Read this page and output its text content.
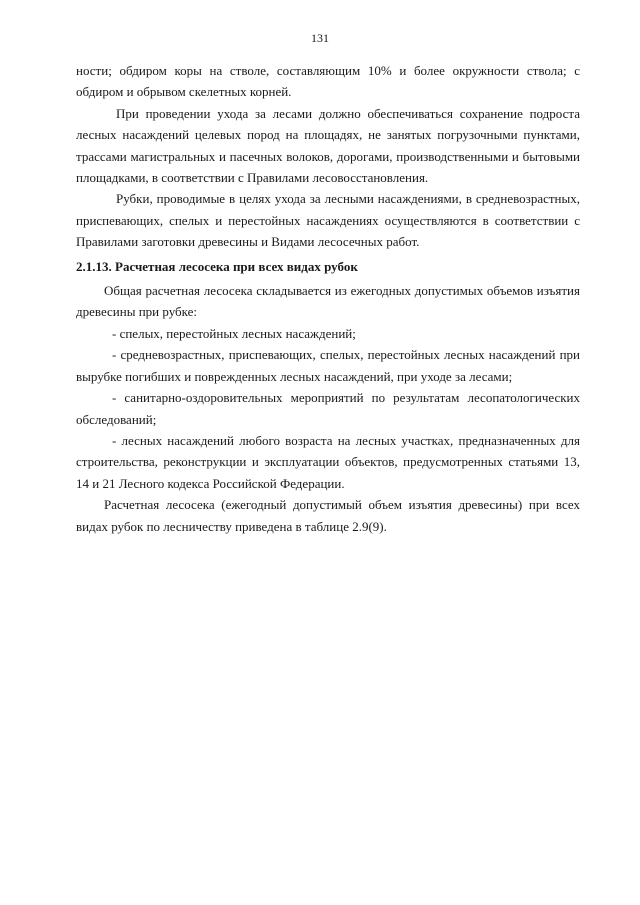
131

ности; обдиром коры на стволе, составляющим 10% и более окружности ствола; с обдиром и обрывом скелетных корней.

При проведении ухода за лесами должно обеспечиваться сохранение подроста лесных насаждений целевых пород на площадях, не занятых погрузочными пунктами, трассами магистральных и пасечных волоков, дорогами, производственными и бытовыми площадками, в соответствии с Правилами лесовосстановления.

Рубки, проводимые в целях ухода за лесными насаждениями, в средневозрастных, приспевающих, спелых и перестойных насаждениях осуществляются в соответствии с Правилами заготовки древесины и Видами лесосечных работ.

2.1.13. Расчетная лесосека при всех видах рубок

Общая расчетная лесосека складывается из ежегодных допустимых объемов изъятия древесины при рубке:

- спелых, перестойных лесных насаждений;

- средневозрастных, приспевающих, спелых, перестойных лесных насаждений при вырубке погибших и поврежденных лесных насаждений, при уходе за лесами;

- санитарно-оздоровительных мероприятий по результатам лесопатологических обследований;

- лесных насаждений любого возраста на лесных участках, предназначенных для строительства, реконструкции и эксплуатации объектов, предусмотренных статьями 13, 14 и 21 Лесного кодекса Российской Федерации.

Расчетная лесосека (ежегодный допустимый объем изъятия древесины) при всех видах рубок по лесничеству приведена в таблице 2.9(9).
